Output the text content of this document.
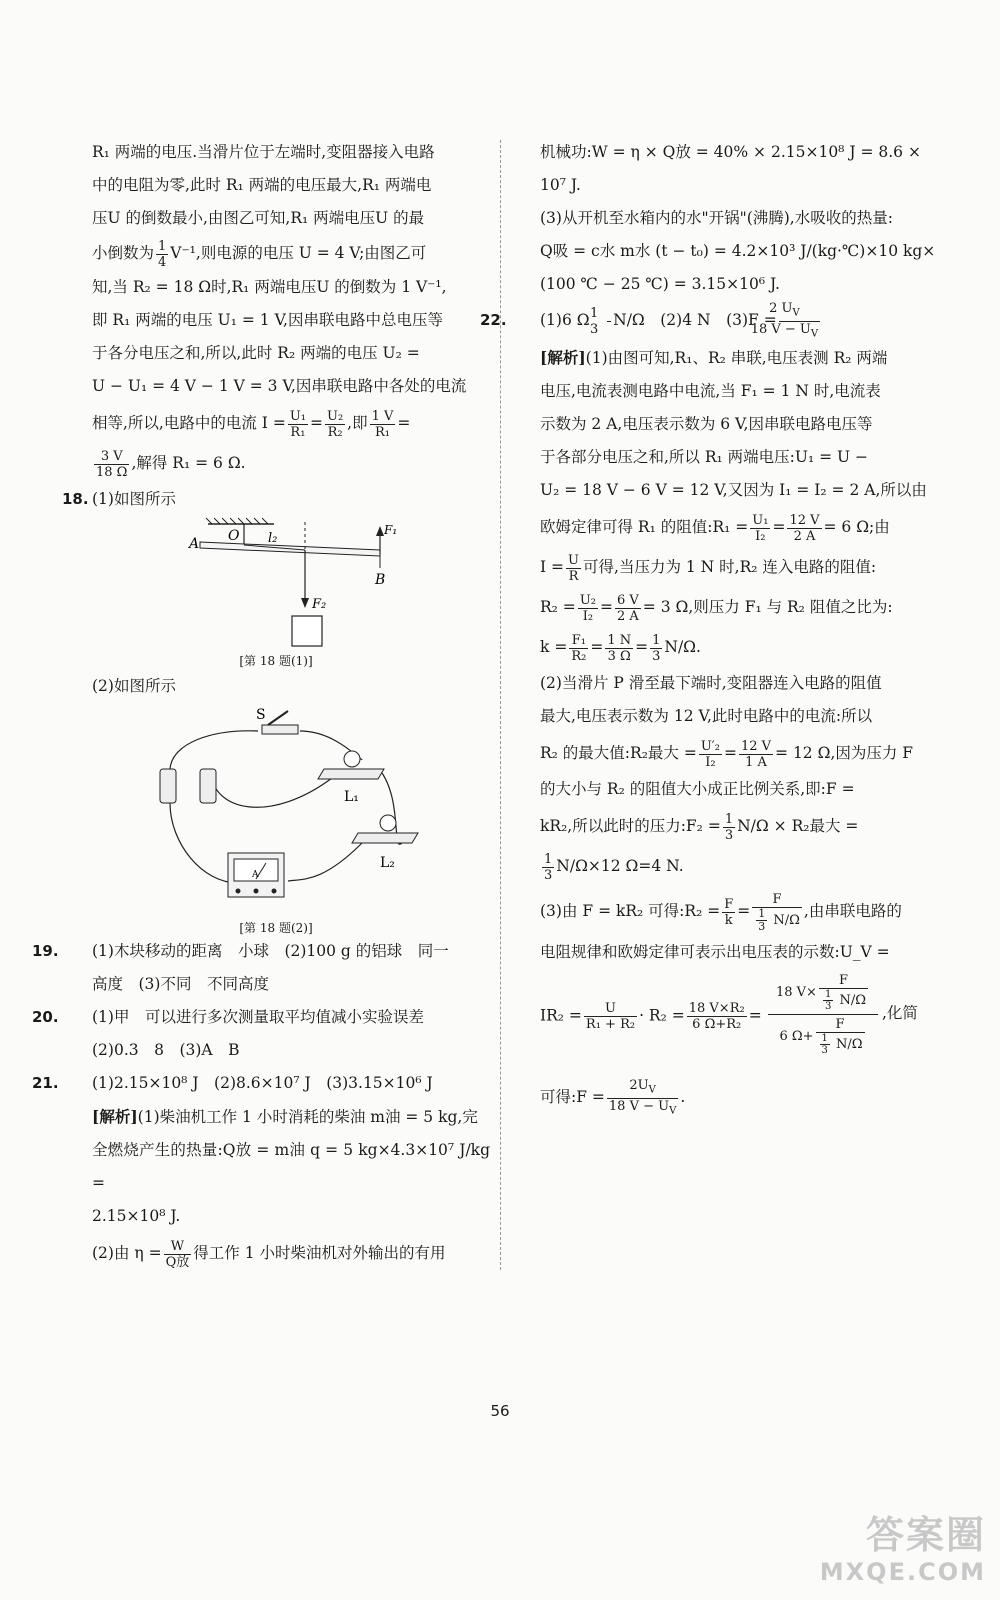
R₁ 两端的电压.当滑片位于左端时,变阻器接入电路

中的电阻为零,此时 R₁ 两端的电压最大,R₁ 两端电

压U 的倒数最小,由图乙可知,R₁ 两端电压U 的最

小倒数为 $\frac{1}{4} V^{-1}$,则电源的电压 U = 4 V;由图乙可

知,当 R₂ = 18 Ω时,R₁ 两端电压U 的倒数为 1 V⁻¹,

即 R₁ 两端的电压 U₁ = 1 V,因串联电路中总电压等

于各分电压之和,所以,此时 R₂ 两端的电压 U₂ =

U − U₁ = 4 V − 1 V = 3 V,因串联电路中各处的电流

相等,所以,电路中的电流 $I = \frac{\text{U₁}}{\text{R₁}} = \frac{\text{U₂}}{\text{R₂}}$ ,即 $\frac{1 V}{\text{R₁}}$ =

$\frac{3 V}{18 \Omega}$ ,解得 R₁ = 6 Ω.

18. (1)如图所示

A O l₂
F₁
B
F₂
[第 18 题(1)]

(2)如图所示

S
L₁
L₂
A
[第 18 题(2)]

19. (1)木块移动的距离　小球　(2)100 g 的铝球　同一

高度　(3)不同　不同高度

20. (1)甲　可以进行多次测量取平均值减小实验误差

(2)0.3　8　(3)A　B

21. (1)2.15×10⁸ J　(2)8.6×10⁷ J　(3)3.15×10⁶ J

[解析](1)柴油机工作 1 小时消耗的柴油 m油 = 5 kg,完

全燃烧产生的热量:Q放 = m油 q = 5 kg×4.3×10⁷ J/kg =

2.15×10⁸ J.

(2)由 $\eta = \frac{W}{\text{Q放}}$ 得工作 1 小时柴油机对外输出的有用

机械功:W = η × Q放 = 40% × 2.15×10⁸ J = 8.6 ×

10⁷ J.

(3)从开机至水箱内的水"开锅"(沸腾),水吸收的热量:

Q吸 = c水 m水 (t − t₀) = 4.2×10³ J/(kg·℃)×10 kg×

(100 ℃ − 25 ℃) = 3.15×10⁶ J.

22. (1)6 Ω　 $\frac{1}{3} N/\Omega$　(2)4 N　$(3)F = \frac{2 U_V}{18 V - U_V}$

[解析](1)由图可知,R₁、R₂ 串联,电压表测 R₂ 两端

电压,电流表测电路中电流,当 F₁ = 1 N 时,电流表

示数为 2 A,电压表示数为 6 V,因串联电路电压等

于各部分电压之和,所以 R₁ 两端电压:U₁ = U −

U₂ = 18 V − 6 V = 12 V,又因为 I₁ = I₂ = 2 A,所以由

欧姆定律可得 R₁ 的阻值:R₁ = $\frac{\text{U₁}}{\text{I₂}} = \frac{12 V}{2 A} = 6$ Ω;由

$I = \frac{U}{R}$ 可得,当压力为 1 N 时,R₂ 连入电路的阻值:

$R_2 = \frac{\text{U₂}}{\text{I₂}} = \frac{6 V}{2 A} = 3$ Ω,则压力 F₁ 与 R₂ 阻值之比为:

$k = \frac{\text{F₁}}{\text{R₂}} = \frac{1 N}{3 \Omega} = \frac{1}{3} N/\Omega$.

(2)当滑片 P 滑至最下端时,变阻器连入电路的阻值

最大,电压表示数为 12 V,此时电路中的电流:所以

R₂ 的最大值:R₂最大 = $\frac{\text{U′₂}}{\text{I₂}} = \frac{12 V}{1 A} = 12$ Ω,因为压力 F

的大小与 R₂ 的阻值大小成正比例关系,即:F =

kR₂,所以此时的压力:F₂ = $\frac{1}{3} N/\Omega \times R_2$最大 =

$\frac{1}{3} N/\Omega\times 12$ Ω=4 N.

(3)由 F = kR₂ 可得:R₂ = $\frac{F}{k} = \frac{F}{\frac{1}{3} N/\Omega}$ ,由串联电路的

电阻规律和欧姆定律可表示出电压表的示数:U_V =

$IR_2 = \frac{U}{\text{R₁ + R₂}} \cdot R_2 = \frac{\text{18 V×R₂}}{\text{6 Ω+R₂}}$ =
18 $V\times \frac{F}{\frac{1}{3} N/\Omega}$
6 $\Omega+ \frac{F}{\frac{1}{3} N/\Omega}$
,化简

可得:F = $\frac{2U_V}{18 V - U_V}$ .

56
答案圈
MXQE.COM
